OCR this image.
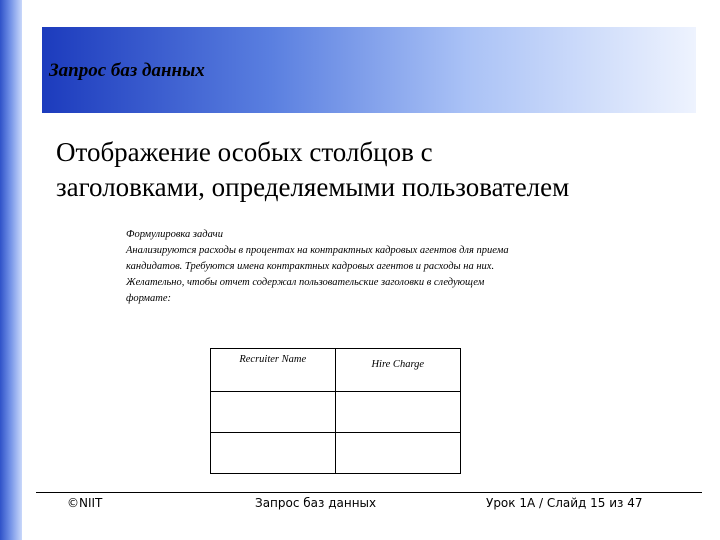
Запрос баз данных
Отображение особых столбцов с
заголовками, определяемыми пользователем
Формулировка задачи
Анализируются расходы в процентах на контрактных кадровых агентов для приема
кандидатов. Требуются имена контрактных кадровых агентов и расходы на них.
Желательно, чтобы отчет содержал пользовательские заголовки в следующем
формате:
Recruiter Name	Hire Charge

©NIIT	Запрос баз данных	Урок 1А / Слайд 15 из 47
